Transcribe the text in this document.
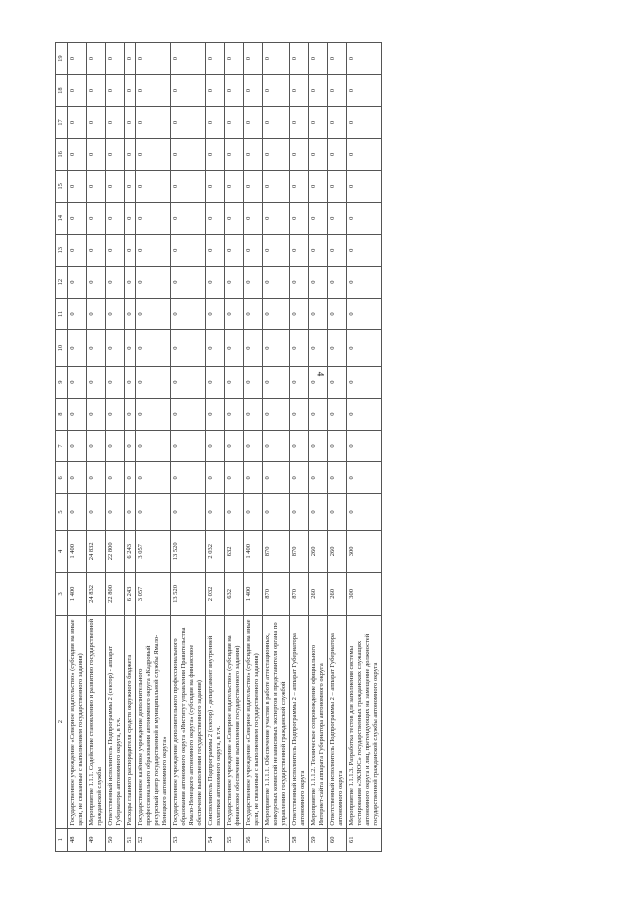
4
1	2	3	4	5	6	7	8	9	10	11	12	13	14	15	16	17	18	19
48	Государственное учреждение «Северное издательство» (субсидия на иные цели, не связанные с выполнением государственного задания)	1 400	1 400	0	0	0	0	0	0	0	0	0	0	0	0	0	0	0
49	Мероприятие 1.1.1. Содействие становлению и развитию государственной гражданской службы	24 832	24 832	0	0	0	0	0	0	0	0	0	0	0	0	0	0	0
50	Ответственный исполнитель Подпрограммы 2 (сектор) - аппарат Губернатора автономного округа, в т.ч.	22 800	22 800	0	0	0	0	0	0	0	0	0	0	0	0	0	0	0
51	Расходы главного распорядителя средств окружного бюджета	6 243	6 243	0	0	0	0	0	0	0	0	0	0	0	0	0	0	0
52	Государственное казённое учреждение дополнительного профессионального образования автономного округа «Кадровый ресурсный центр государственной и муниципальной службы Ямало-Ненецкого автономного округа»	3 057	3 057	0	0	0	0	0	0	0	0	0	0	0	0	0	0	0
53	Государственное учреждение дополнительного профессионального образования автономного округа «Институт управления Правительства Ямало-Ненецкого автономного округа» (субсидия на финансовое обеспечение выполнения государственного задания)	13 520	13 520	0	0	0	0	0	0	0	0	0	0	0	0	0	0	0
54	Соисполнитель Подпрограммы 2 (сектор) - департамент внутренней политики автономного округа, в т.ч.	2 032	2 032	0	0	0	0	0	0	0	0	0	0	0	0	0	0	0
55	Государственное учреждение «Северное издательство» (субсидия на финансовое обеспечение выполнения государственного задания)	632	632	0	0	0	0	0	0	0	0	0	0	0	0	0	0	0
56	Государственное учреждение «Северное издательство» (субсидия на иные цели, не связанные с выполнением государственного задания)	1 400	1 400	0	0	0	0	0	0	0	0	0	0	0	0	0	0	0
57	Мероприятие 1.1.1.1. Обеспечение участия в работе аттестационных, конкурсных комиссий независимых экспертов и представителя органа по управлению государственной гражданской службой	870	870	0	0	0	0	0	0	0	0	0	0	0	0	0	0	0
58	Ответственный исполнитель Подпрограммы 2 – аппарат Губернатора автономного округа	870	870	0	0	0	0	0	0	0	0	0	0	0	0	0	0	0
59	Мероприятие 1.1.1.2. Техническое сопровождение официального Интернет-сайта аппарата Губернатора автономного округа	260	260	0	0	0	0	0	0	0	0	0	0	0	0	0	0	0
60	Ответственный исполнитель Подпрограммы 2 – аппарат Губернатора автономного округа	260	260	0	0	0	0	0	0	0	0	0	0	0	0	0	0	0
61	Мероприятие 1.1.1.3. Разработка тестов для заполнения системы тестирования «ЭКЗЮС» государственных гражданских служащих автономного округа и лиц, претендующих на замещение должностей государственной гражданской службы автономного округа	300	300	0	0	0	0	0	0	0	0	0	0	0	0	0	0	0
